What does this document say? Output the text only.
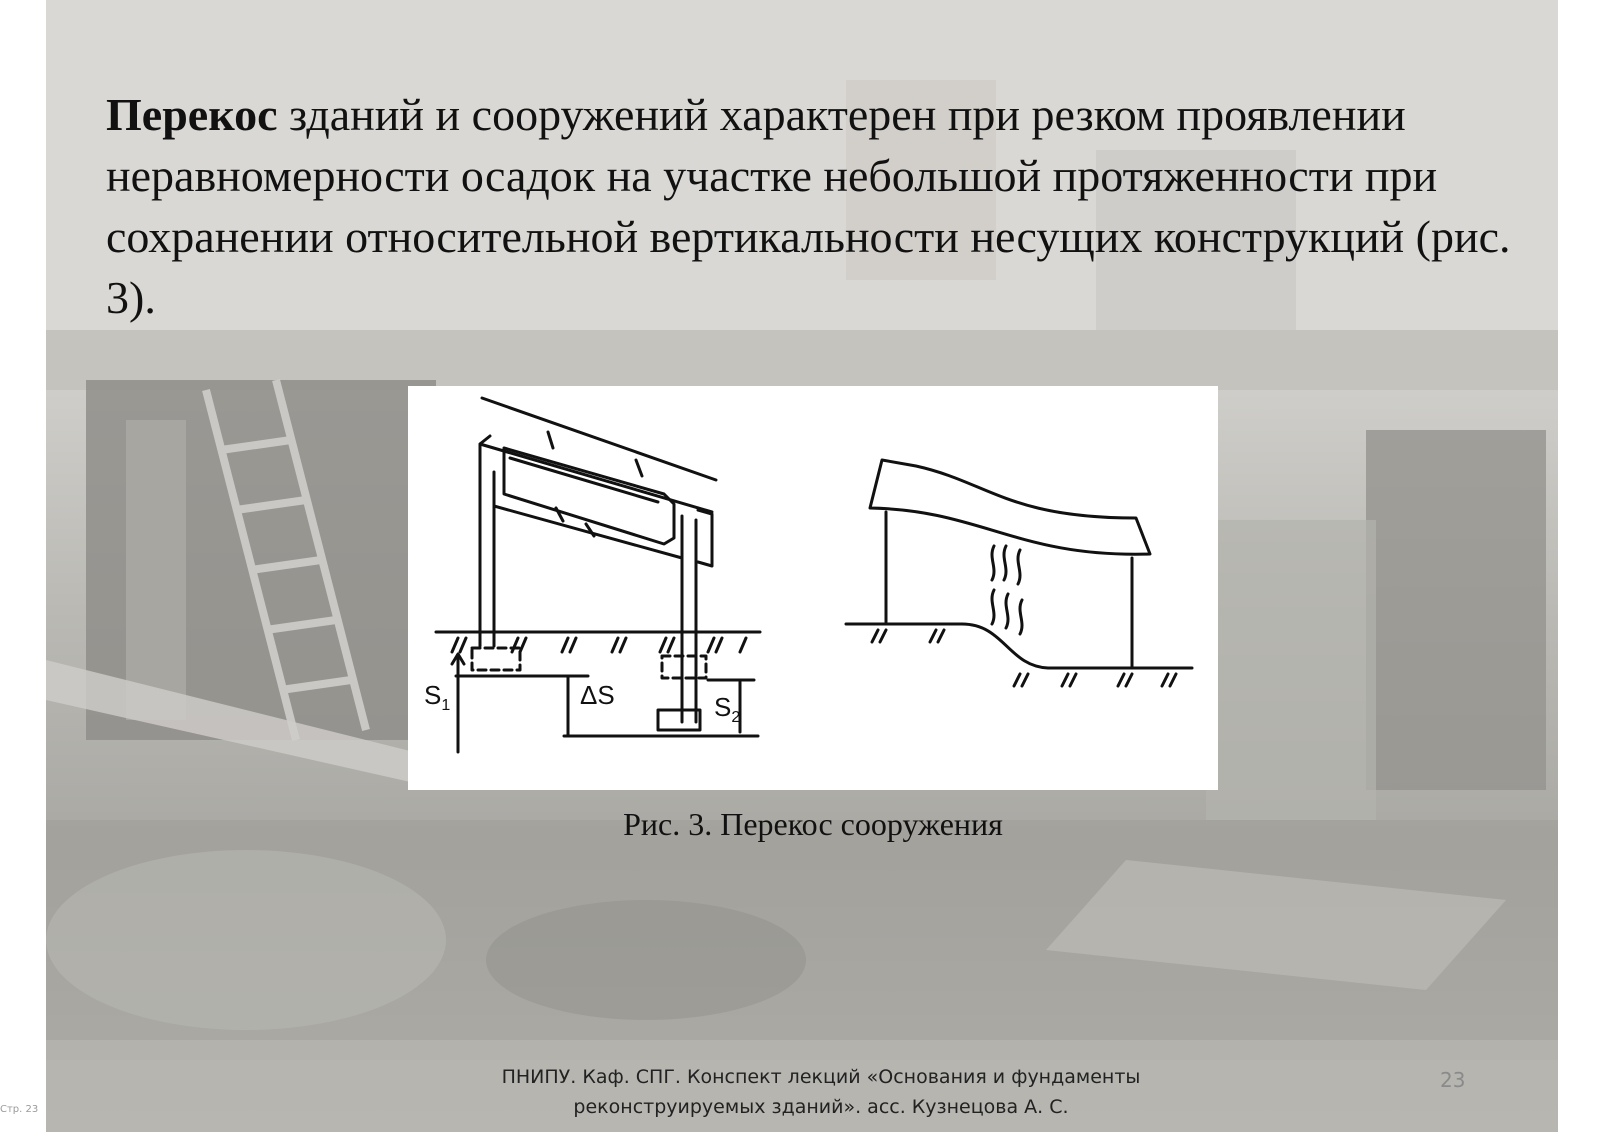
Стр. 23

Перекос зданий и сооружений характерен при резком проявлении неравномерности осадок на участке небольшой протяженности при сохранении относительной вертикальности несущих конструкций (рис. 3).

$S_1$	ΔS	$S_2$
Рис. 3. Перекос сооружения
ПНИПУ. Каф. СПГ. Конспект лекций «Основания и фундаменты
реконструируемых зданий». асс. Кузнецова А. С.
23
